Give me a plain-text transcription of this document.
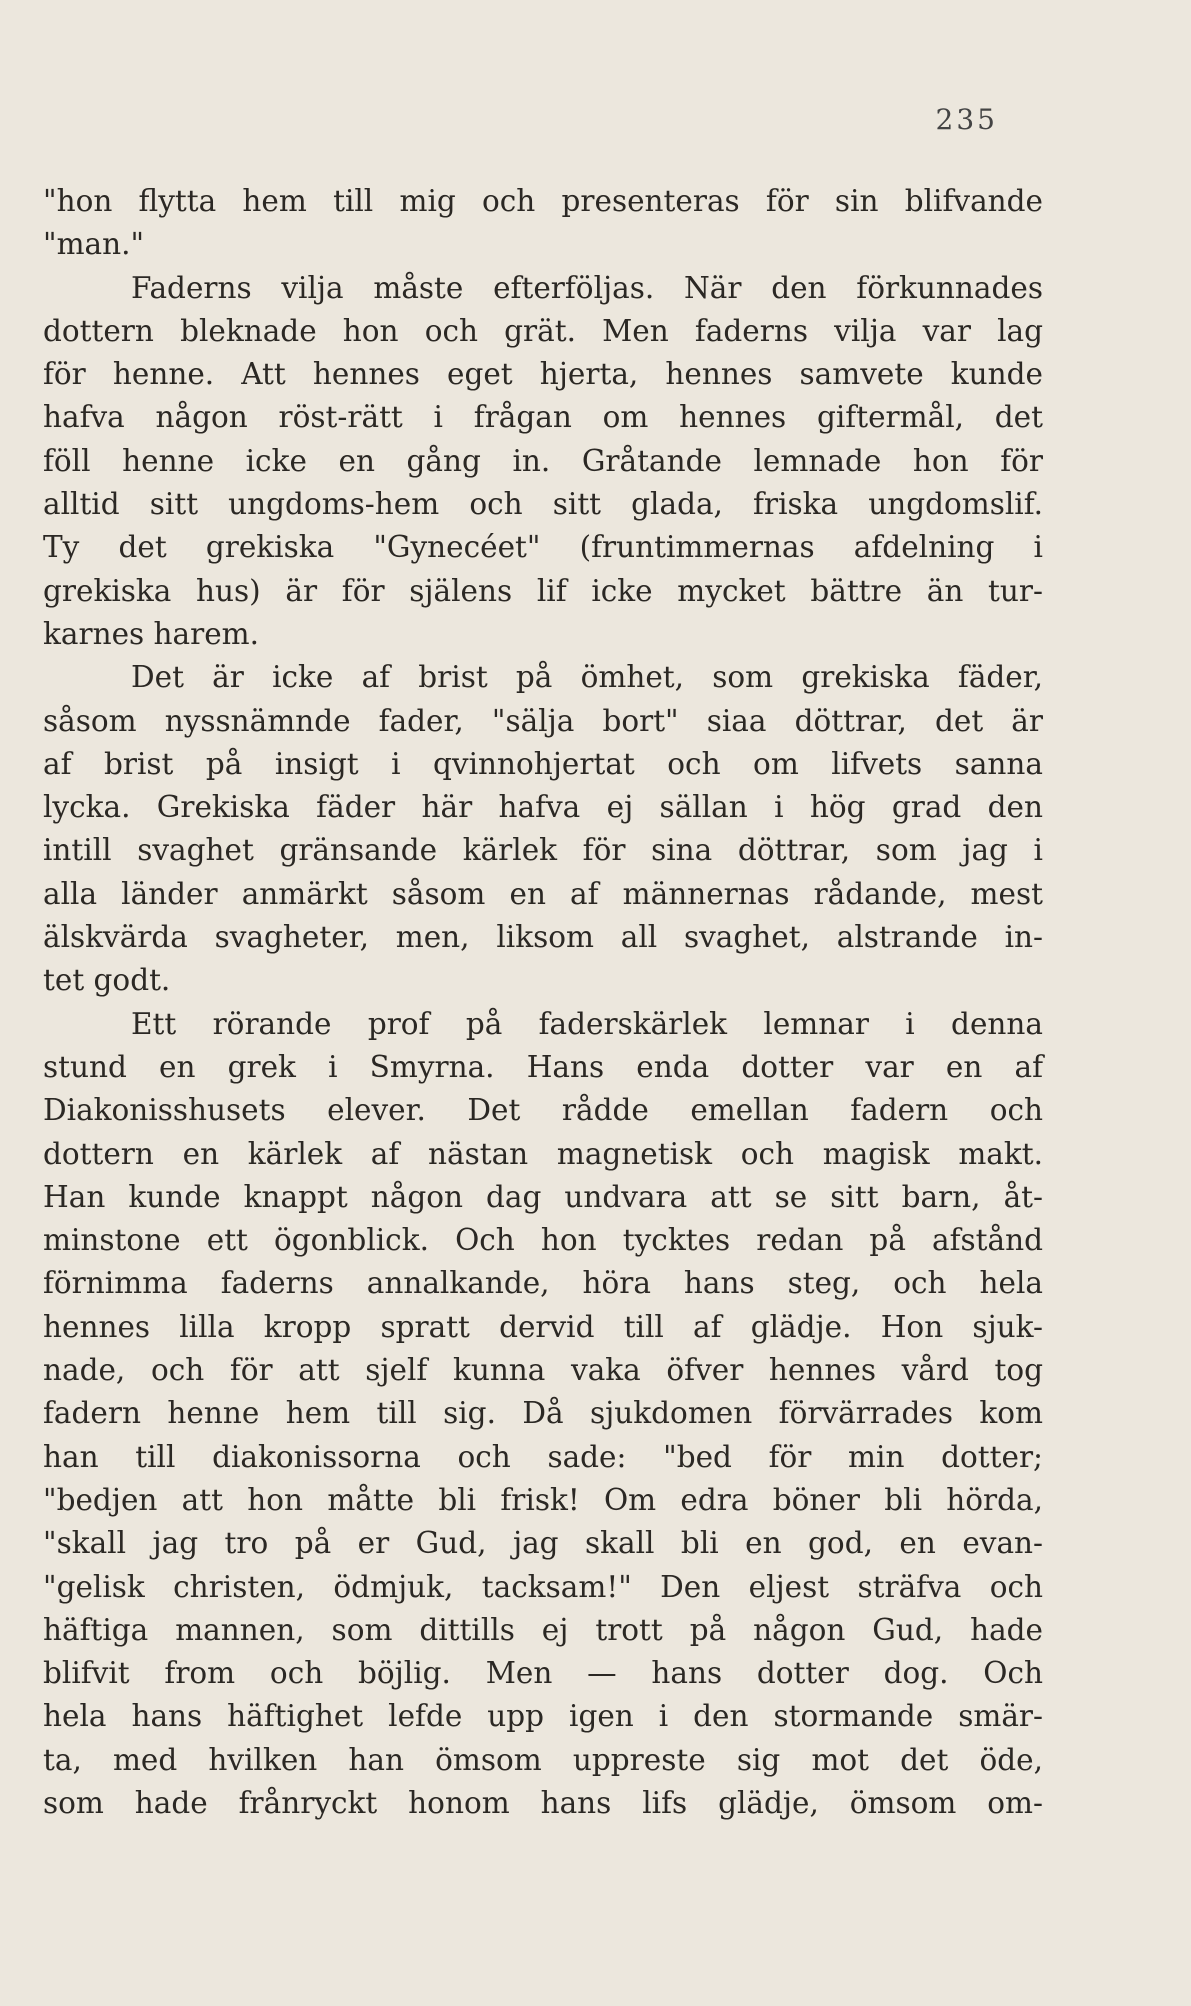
235
"hon flytta hem till mig och presenteras för sin blifvande
"man."
Faderns vilja måste efterföljas. När den förkunnades
dottern bleknade hon och grät. Men faderns vilja var lag
för henne. Att hennes eget hjerta, hennes samvete kunde
hafva någon röst-rätt i frågan om hennes giftermål, det
föll henne icke en gång in. Gråtande lemnade hon för
alltid sitt ungdoms-hem och sitt glada, friska ungdomslif.
Ty det grekiska "Gynecéet" (fruntimmernas afdelning i
grekiska hus) är för själens lif icke mycket bättre än tur-
karnes harem.
Det är icke af brist på ömhet, som grekiska fäder,
såsom nyssnämnde fader, "sälja bort" siaa döttrar, det är
af brist på insigt i qvinnohjertat och om lifvets sanna
lycka. Grekiska fäder här hafva ej sällan i hög grad den
intill svaghet gränsande kärlek för sina döttrar, som jag i
alla länder anmärkt såsom en af männernas rådande, mest
älskvärda svagheter, men, liksom all svaghet, alstrande in-
tet godt.
Ett rörande prof på faderskärlek lemnar i denna
stund en grek i Smyrna. Hans enda dotter var en af
Diakonisshusets elever. Det rådde emellan fadern och
dottern en kärlek af nästan magnetisk och magisk makt.
Han kunde knappt någon dag undvara att se sitt barn, åt-
minstone ett ögonblick. Och hon tycktes redan på afstånd
förnimma faderns annalkande, höra hans steg, och hela
hennes lilla kropp spratt dervid till af glädje. Hon sjuk-
nade, och för att sjelf kunna vaka öfver hennes vård tog
fadern henne hem till sig. Då sjukdomen förvärrades kom
han till diakonissorna och sade: "bed för min dotter;
"bedjen att hon måtte bli frisk! Om edra böner bli hörda,
"skall jag tro på er Gud, jag skall bli en god, en evan-
"gelisk christen, ödmjuk, tacksam!" Den eljest sträfva och
häftiga mannen, som dittills ej trott på någon Gud, hade
blifvit from och böjlig. Men — hans dotter dog. Och
hela hans häftighet lefde upp igen i den stormande smär-
ta, med hvilken han ömsom uppreste sig mot det öde,
som hade frånryckt honom hans lifs glädje, ömsom om-
